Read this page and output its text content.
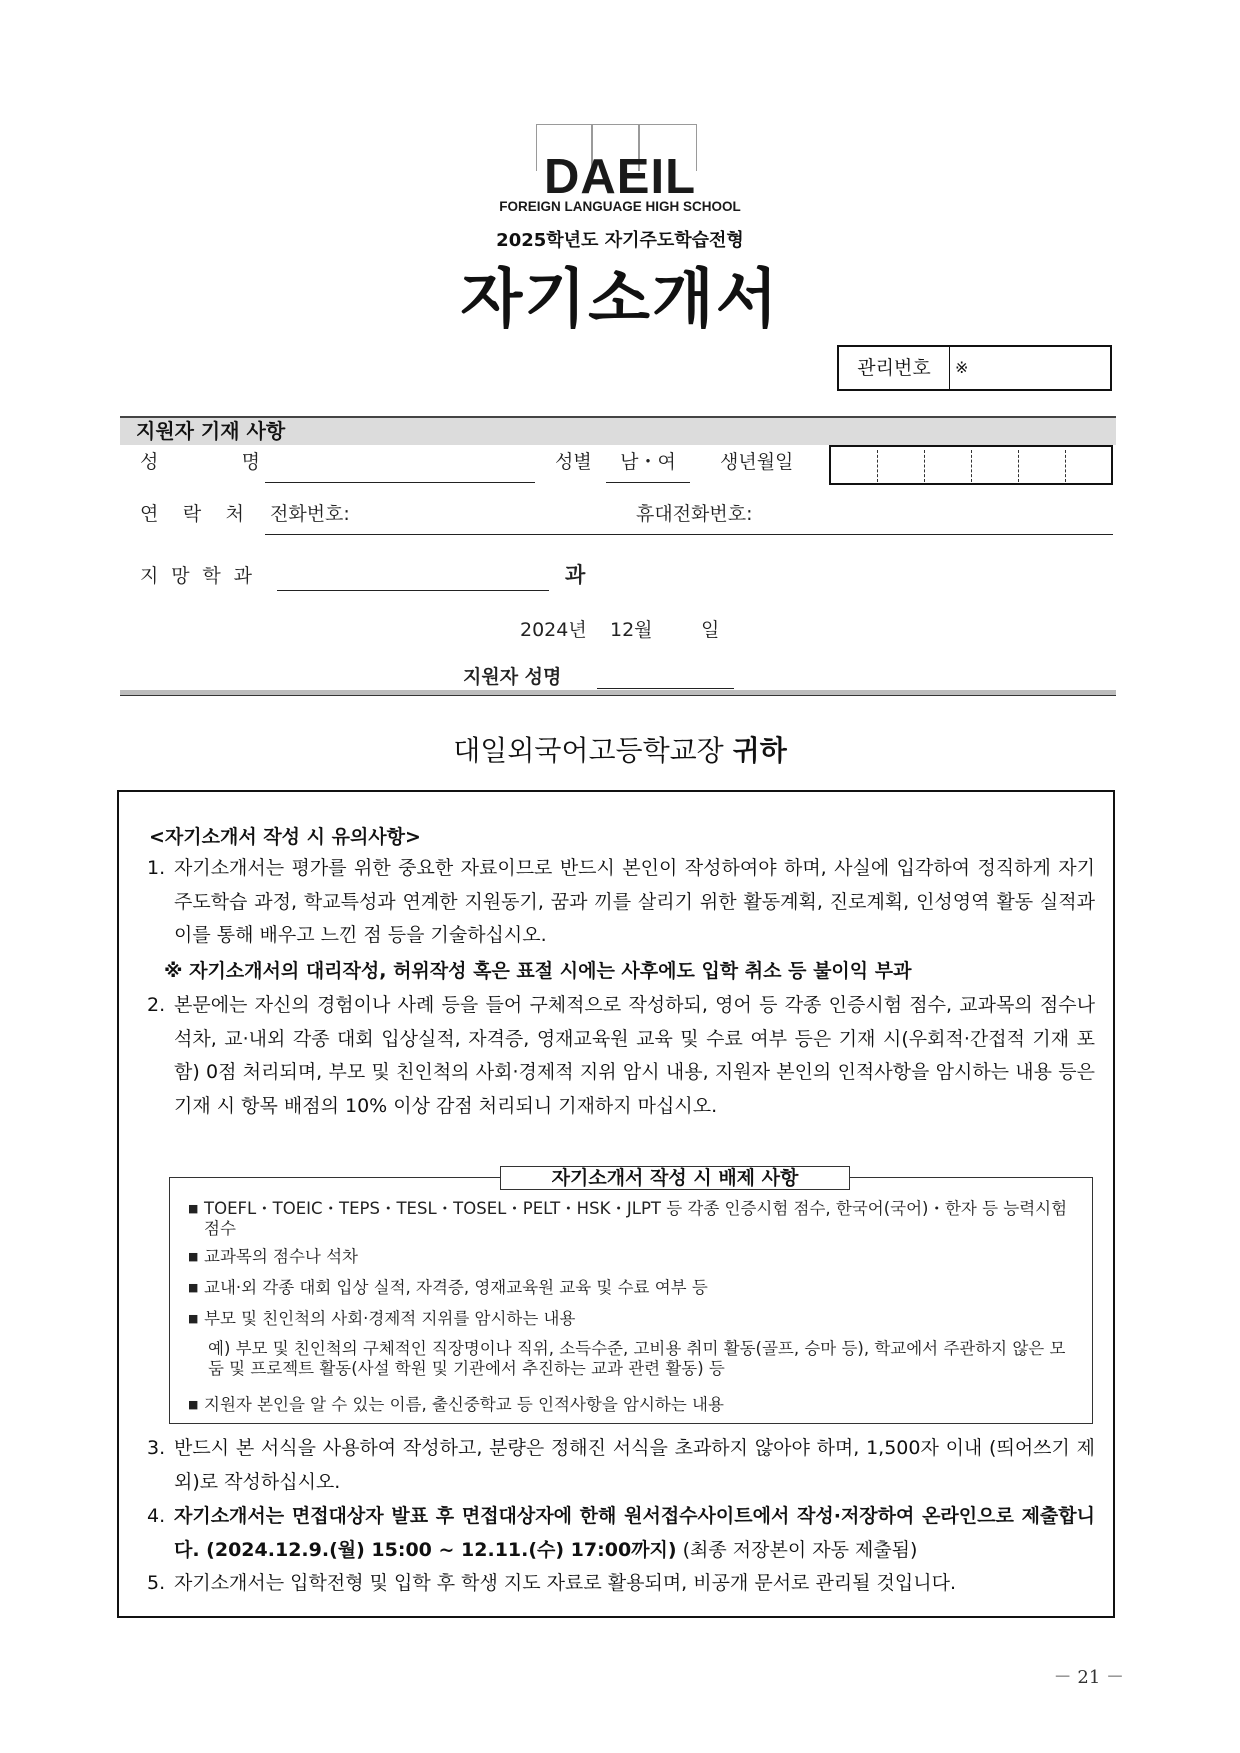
DAEIL
FOREIGN LANGUAGE HIGH SCHOOL
2025학년도 자기주도학습전형
자기소개서
관리번호	※
지원자 기재 사항
성 명	성별	남・여	생년월일
연 락 처 전화번호:	휴대전화번호:
지 망 학 과	과
2024년 12월	일
지원자 성명
대일외국어고등학교장 귀하
<자기소개서 작성 시 유의사항>
1. 자기소개서는 평가를 위한 중요한 자료이므로 반드시 본인이 작성하여야 하며, 사실에 입각하여 정직하게 자기주도학습 과정, 학교특성과 연계한 지원동기, 꿈과 끼를 살리기 위한 활동계획, 진로계획, 인성영역 활동 실적과 이를 통해 배우고 느낀 점 등을 기술하십시오.
※ 자기소개서의 대리작성, 허위작성 혹은 표절 시에는 사후에도 입학 취소 등 불이익 부과
2. 본문에는 자신의 경험이나 사례 등을 들어 구체적으로 작성하되, 영어 등 각종 인증시험 점수, 교과목의 점수나 석차, 교·내외 각종 대회 입상실적, 자격증, 영재교육원 교육 및 수료 여부 등은 기재 시(우회적·간접적 기재 포함) 0점 처리되며, 부모 및 친인척의 사회·경제적 지위 암시 내용, 지원자 본인의 인적사항을 암시하는 내용 등은 기재 시 항목 배점의 10% 이상 감점 처리되니 기재하지 마십시오.
자기소개서 작성 시 배제 사항
■ TOEFL・TOEIC・TEPS・TESL・TOSEL・PELT・HSK・JLPT 등 각종 인증시험 점수, 한국어(국어)・한자 등 능력시험 점수
■ 교과목의 점수나 석차
■ 교내·외 각종 대회 입상 실적, 자격증, 영재교육원 교육 및 수료 여부 등
■ 부모 및 친인척의 사회·경제적 지위를 암시하는 내용
예) 부모 및 친인척의 구체적인 직장명이나 직위, 소득수준, 고비용 취미 활동(골프, 승마 등), 학교에서 주관하지 않은 모둠 및 프로젝트 활동(사설 학원 및 기관에서 추진하는 교과 관련 활동) 등
■ 지원자 본인을 알 수 있는 이름, 출신중학교 등 인적사항을 암시하는 내용
3. 반드시 본 서식을 사용하여 작성하고, 분량은 정해진 서식을 초과하지 않아야 하며, 1,500자 이내 (띄어쓰기 제외)로 작성하십시오.
4. 자기소개서는 면접대상자 발표 후 면접대상자에 한해 원서접수사이트에서 작성·저장하여 온라인으로 제출합니다. (2024.12.9.(월) 15:00 ~ 12.11.(수) 17:00까지) (최종 저장본이 자동 제출됨)
5. 자기소개서는 입학전형 및 입학 후 학생 지도 자료로 활용되며, 비공개 문서로 관리될 것입니다.
－ 21 －
